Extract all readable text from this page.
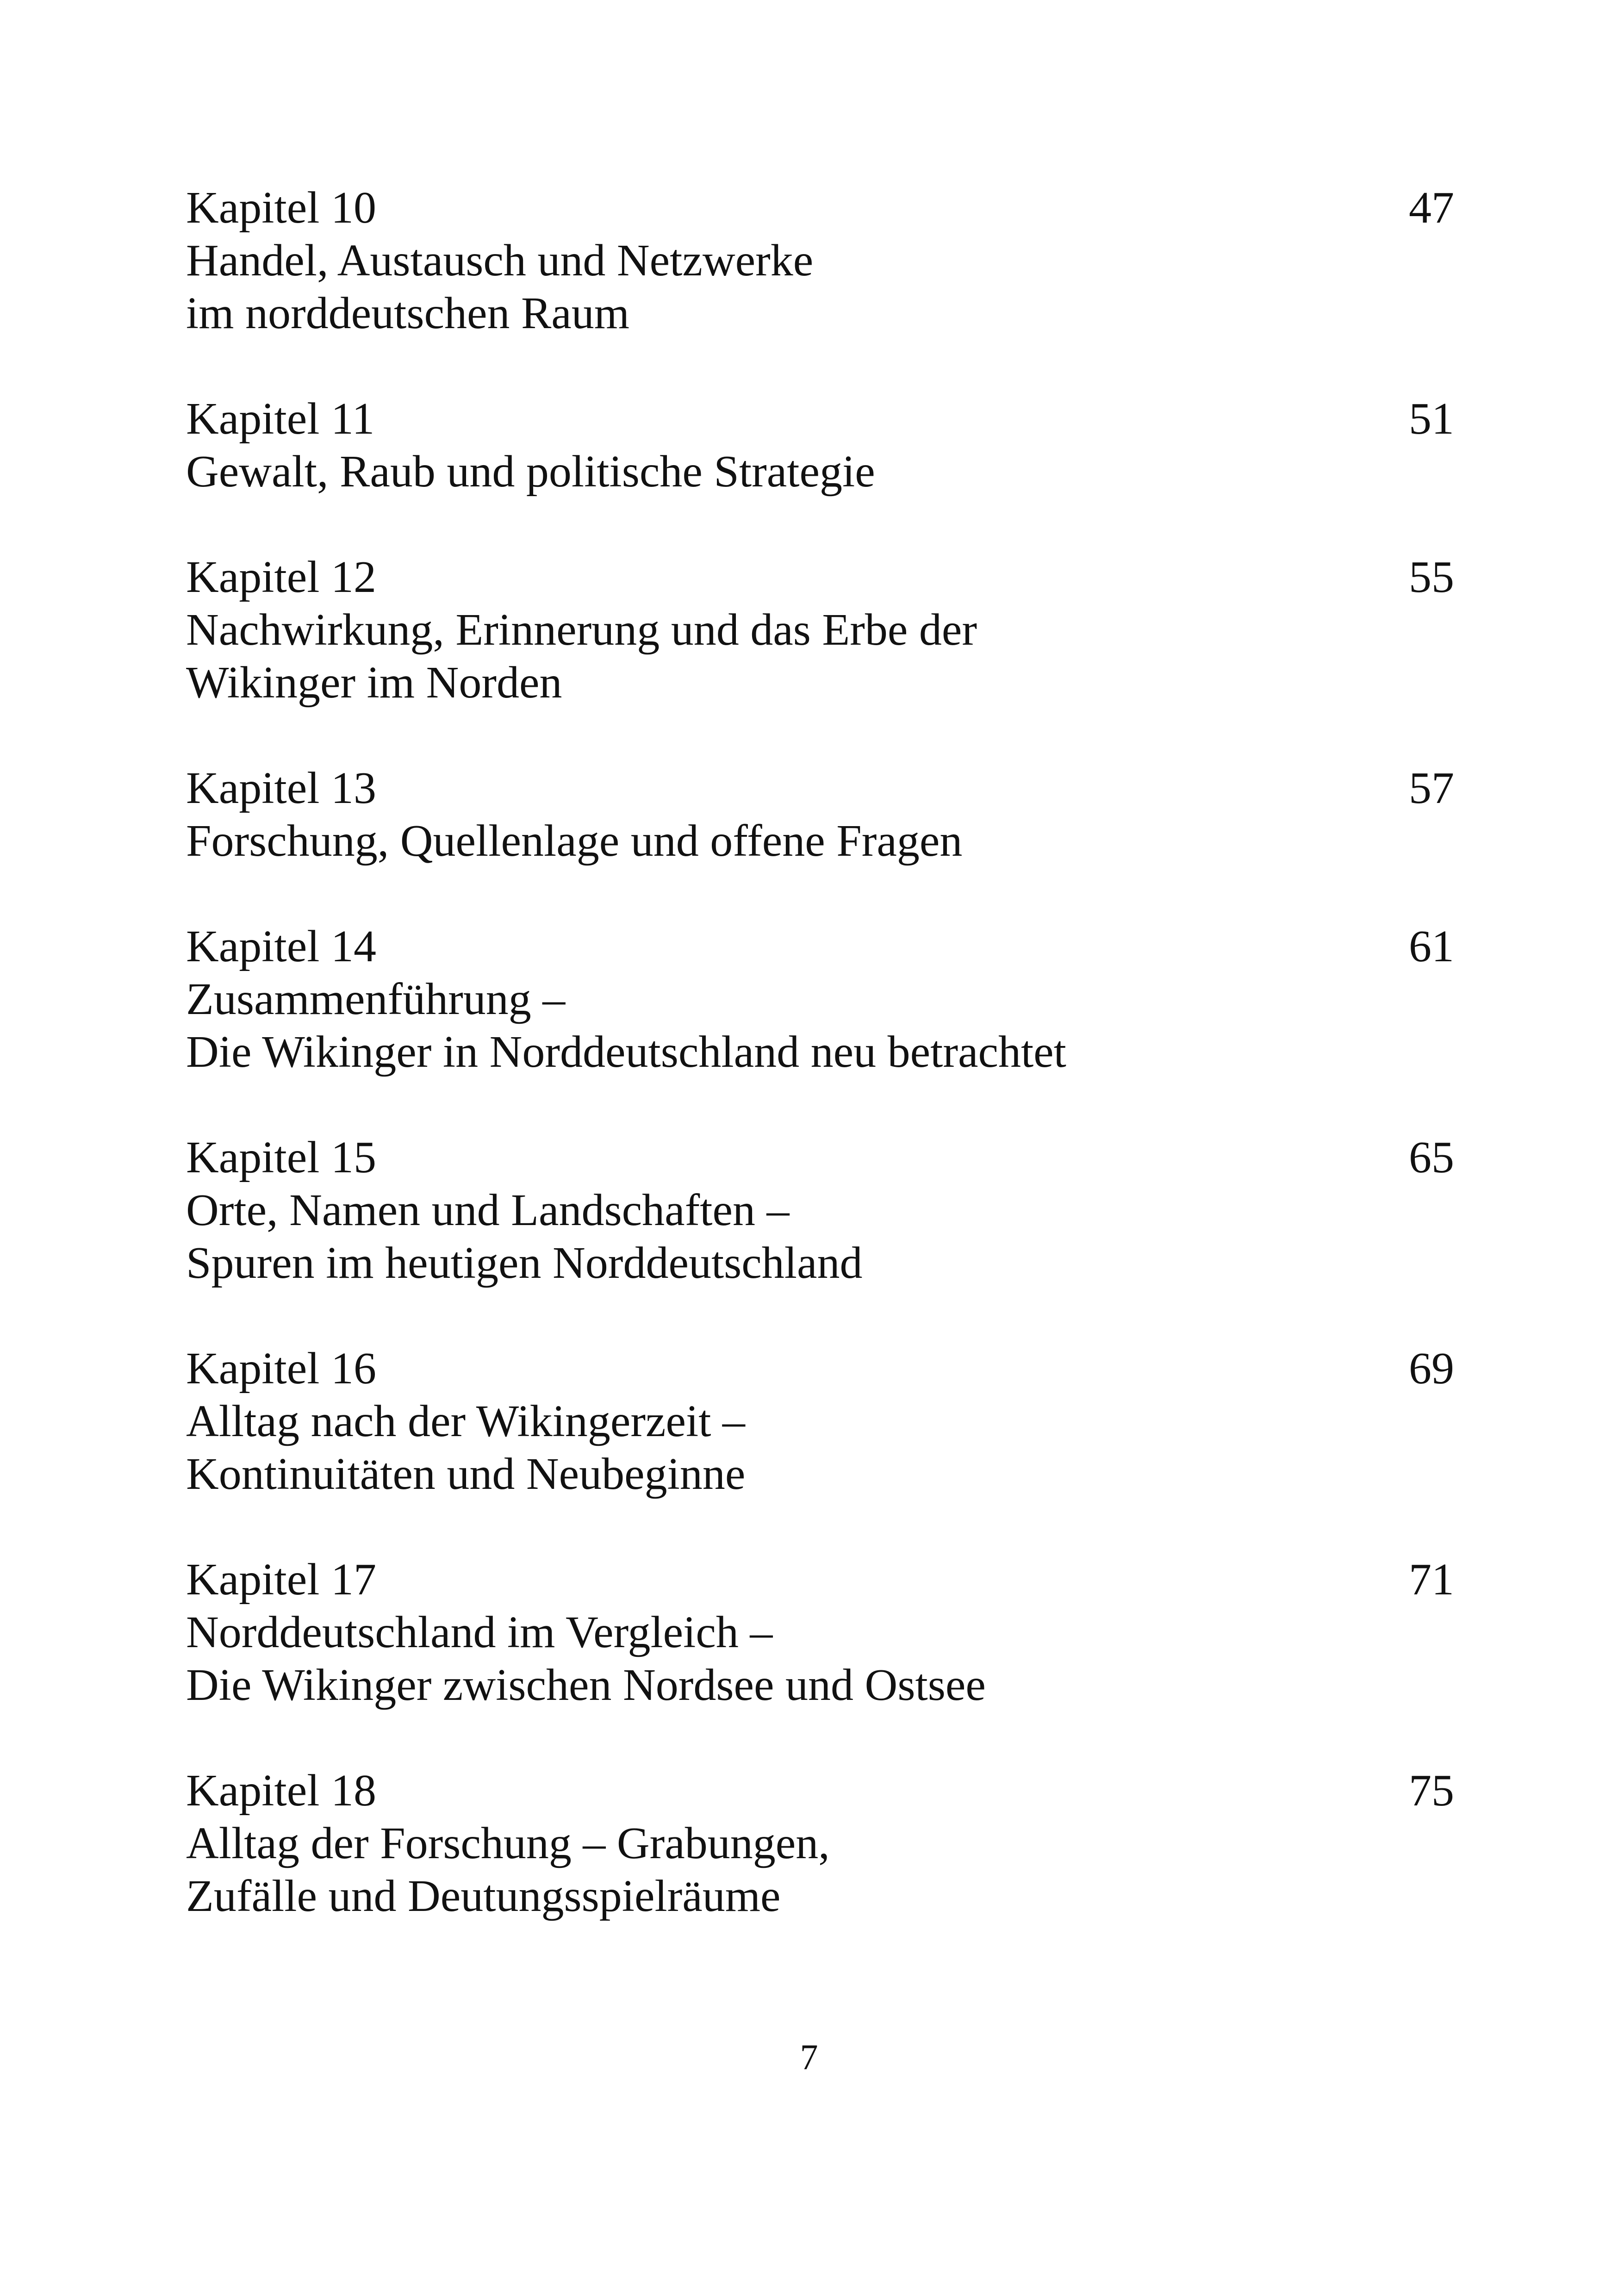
Kapitel 10	47
Handel, Austausch und Netzwerke
im norddeutschen Raum
Kapitel 11	51
Gewalt, Raub und politische Strategie
Kapitel 12	55
Nachwirkung, Erinnerung und das Erbe der
Wikinger im Norden
Kapitel 13	57
Forschung, Quellenlage und offene Fragen
Kapitel 14	61
Zusammenführung –
Die Wikinger in Norddeutschland neu betrachtet
Kapitel 15	65
Orte, Namen und Landschaften –
Spuren im heutigen Norddeutschland
Kapitel 16	69
Alltag nach der Wikingerzeit –
Kontinuitäten und Neubeginne
Kapitel 17	71
Norddeutschland im Vergleich –
Die Wikinger zwischen Nordsee und Ostsee
Kapitel 18	75
Alltag der Forschung – Grabungen,
Zufälle und Deutungsspielräume
7
